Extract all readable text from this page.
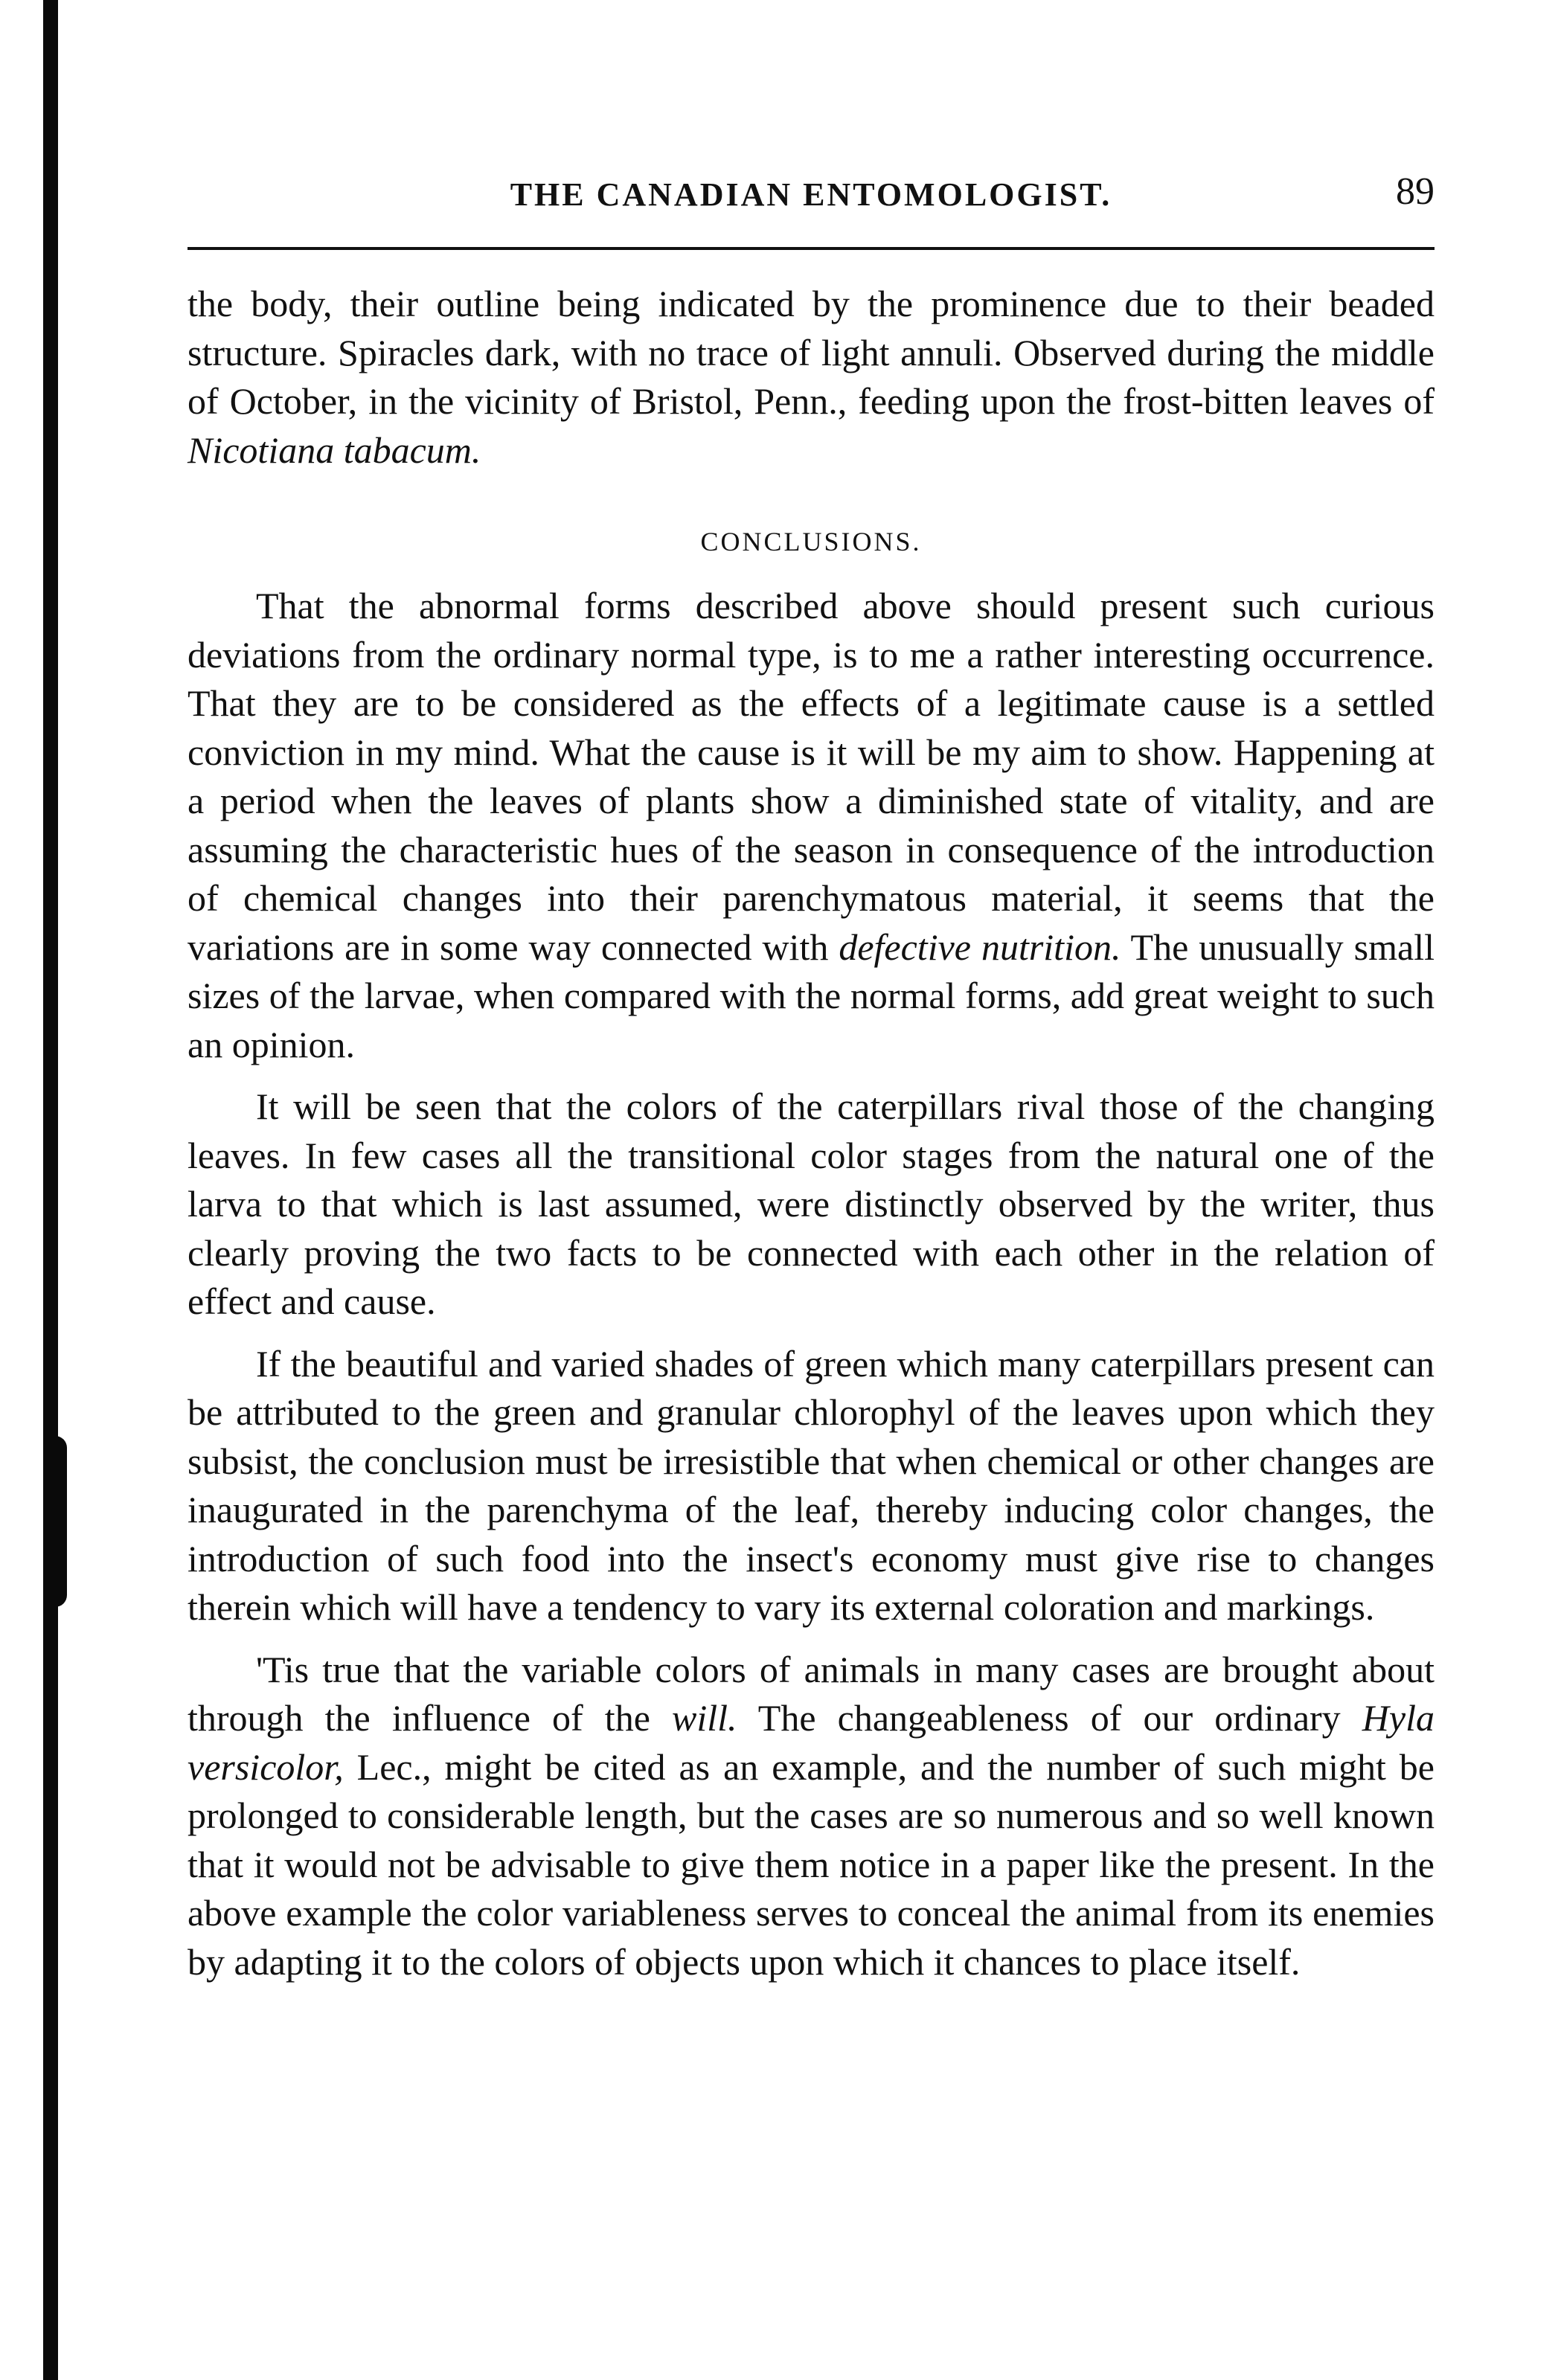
THE CANADIAN ENTOMOLOGIST.	89

the body, their outline being indicated by the prominence due to their beaded structure. Spiracles dark, with no trace of light annuli. Observed during the middle of October, in the vicinity of Bristol, Penn., feeding upon the frost-bitten leaves of Nicotiana tabacum.

CONCLUSIONS.

That the abnormal forms described above should present such curious deviations from the ordinary normal type, is to me a rather interesting occurrence. That they are to be considered as the effects of a legitimate cause is a settled conviction in my mind. What the cause is it will be my aim to show. Happening at a period when the leaves of plants show a diminished state of vitality, and are assuming the characteristic hues of the season in consequence of the introduction of chemical changes into their parenchymatous material, it seems that the variations are in some way connected with defective nutrition. The unusually small sizes of the larvae, when compared with the normal forms, add great weight to such an opinion.

It will be seen that the colors of the caterpillars rival those of the changing leaves. In few cases all the transitional color stages from the natural one of the larva to that which is last assumed, were distinctly observed by the writer, thus clearly proving the two facts to be connected with each other in the relation of effect and cause.

If the beautiful and varied shades of green which many caterpillars present can be attributed to the green and granular chlorophyl of the leaves upon which they subsist, the conclusion must be irresistible that when chemical or other changes are inaugurated in the parenchyma of the leaf, thereby inducing color changes, the introduction of such food into the insect's economy must give rise to changes therein which will have a tendency to vary its external coloration and markings.

'Tis true that the variable colors of animals in many cases are brought about through the influence of the will. The changeableness of our ordinary Hyla versicolor, Lec., might be cited as an example, and the number of such might be prolonged to considerable length, but the cases are so numerous and so well known that it would not be advisable to give them notice in a paper like the present. In the above example the color variableness serves to conceal the animal from its enemies by adapting it to the colors of objects upon which it chances to place itself.
